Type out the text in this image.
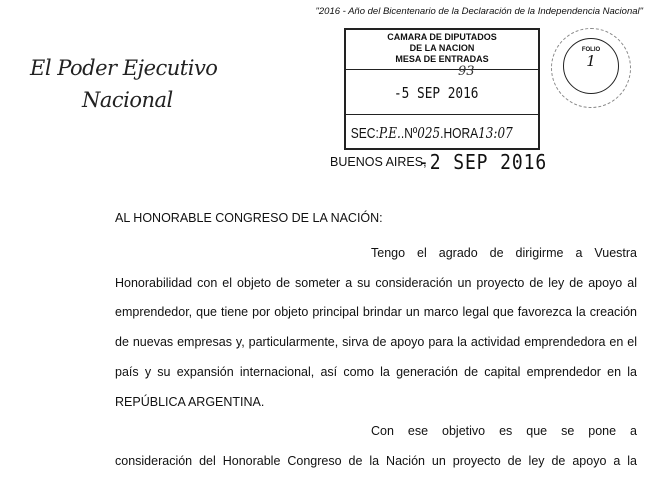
"2016 - Año del Bicentenario de la Declaración de la Independencia Nacional"
El Poder Ejecutivo
Nacional
CAMARA DE DIPUTADOS
DE LA NACION
MESA DE ENTRADAS
93
-5 SEP 2016
SEC:P.E..Nº025.HORA13:07
FOLIO
1
BUENOS AIRES,
-2 SEP 2016
AL HONORABLE CONGRESO DE LA NACIÓN:

Tengo el agrado de dirigirme a Vuestra Honorabilidad con el objeto de someter a su consideración un proyecto de ley de apoyo al emprendedor, que tiene por objeto principal brindar un marco legal que favorezca la creación de nuevas empresas y, particularmente, sirva de apoyo para la actividad emprendedora en el país y su expansión internacional, así como la generación de capital emprendedor en la REPÚBLICA ARGENTINA.

Con ese objetivo es que se pone a consideración del Honorable Congreso de la Nación un proyecto de ley de apoyo a la
